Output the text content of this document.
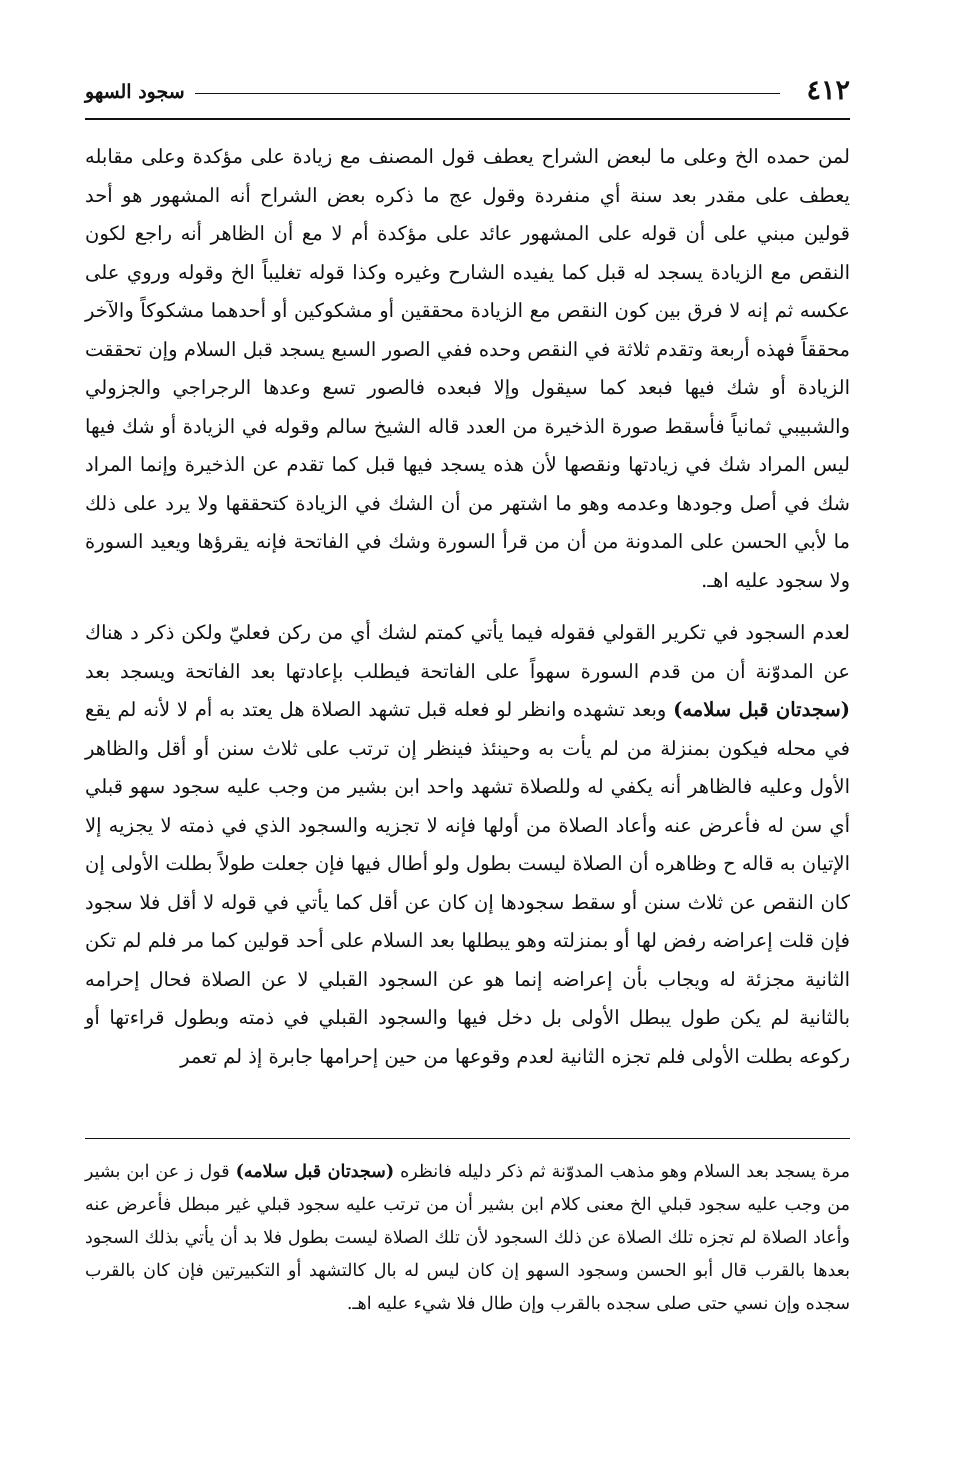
٤١٢
سجود السهو

لمن حمده الخ وعلى ما لبعض الشراح يعطف قول المصنف مع زيادة على مؤكدة وعلى مقابله يعطف على مقدر بعد سنة أي منفردة وقول عج ما ذكره بعض الشراح أنه المشهور هو أحد قولين مبني على أن قوله على المشهور عائد على مؤكدة أم لا مع أن الظاهر أنه راجع لكون النقص مع الزيادة يسجد له قبل كما يفيده الشارح وغيره وكذا قوله تغليباً الخ وقوله وروي على عكسه ثم إنه لا فرق بين كون النقص مع الزيادة محققين أو مشكوكين أو أحدهما مشكوكاً والآخر محققاً فهذه أربعة وتقدم ثلاثة في النقص وحده ففي الصور السبع يسجد قبل السلام وإن تحققت الزيادة أو شك فيها فبعد كما سيقول وإلا فبعده فالصور تسع وعدها الرجراجي والجزولي والشبيبي ثمانياً فأسقط صورة الذخيرة من العدد قاله الشيخ سالم وقوله في الزيادة أو شك فيها ليس المراد شك في زيادتها ونقصها لأن هذه يسجد فيها قبل كما تقدم عن الذخيرة وإنما المراد شك في أصل وجودها وعدمه وهو ما اشتهر من أن الشك في الزيادة كتحققها ولا يرد على ذلك ما لأبي الحسن على المدونة من أن من قرأ السورة وشك في الفاتحة فإنه يقرؤها ويعيد السورة ولا سجود عليه اهـ.

لعدم السجود في تكرير القولي فقوله فيما يأتي كمتم لشك أي من ركن فعليّ ولكن ذكر د هناك عن المدوّنة أن من قدم السورة سهواً على الفاتحة فيطلب بإعادتها بعد الفاتحة ويسجد بعد (سجدتان قبل سلامه) وبعد تشهده وانظر لو فعله قبل تشهد الصلاة هل يعتد به أم لا لأنه لم يقع في محله فيكون بمنزلة من لم يأت به وحينئذ فينظر إن ترتب على ثلاث سنن أو أقل والظاهر الأول وعليه فالظاهر أنه يكفي له وللصلاة تشهد واحد ابن بشير من وجب عليه سجود سهو قبلي أي سن له فأعرض عنه وأعاد الصلاة من أولها فإنه لا تجزيه والسجود الذي في ذمته لا يجزيه إلا الإتيان به قاله ح وظاهره أن الصلاة ليست بطول ولو أطال فيها فإن جعلت طولاً بطلت الأولى إن كان النقص عن ثلاث سنن أو سقط سجودها إن كان عن أقل كما يأتي في قوله لا أقل فلا سجود فإن قلت إعراضه رفض لها أو بمنزلته وهو يبطلها بعد السلام على أحد قولين كما مر فلم لم تكن الثانية مجزئة له ويجاب بأن إعراضه إنما هو عن السجود القبلي لا عن الصلاة فحال إحرامه بالثانية لم يكن طول يبطل الأولى بل دخل فيها والسجود القبلي في ذمته وبطول قراءتها أو ركوعه بطلت الأولى فلم تجزه الثانية لعدم وقوعها من حين إحرامها جابرة إذ لم تعمر

مرة يسجد بعد السلام وهو مذهب المدوّنة ثم ذكر دليله فانظره (سجدتان قبل سلامه) قول ز عن ابن بشير من وجب عليه سجود قبلي الخ معنى كلام ابن بشير أن من ترتب عليه سجود قبلي غير مبطل فأعرض عنه وأعاد الصلاة لم تجزه تلك الصلاة عن ذلك السجود لأن تلك الصلاة ليست بطول فلا بد أن يأتي بذلك السجود بعدها بالقرب قال أبو الحسن وسجود السهو إن كان ليس له بال كالتشهد أو التكبيرتين فإن كان بالقرب سجده وإن نسي حتى صلى سجده بالقرب وإن طال فلا شيء عليه اهـ.
